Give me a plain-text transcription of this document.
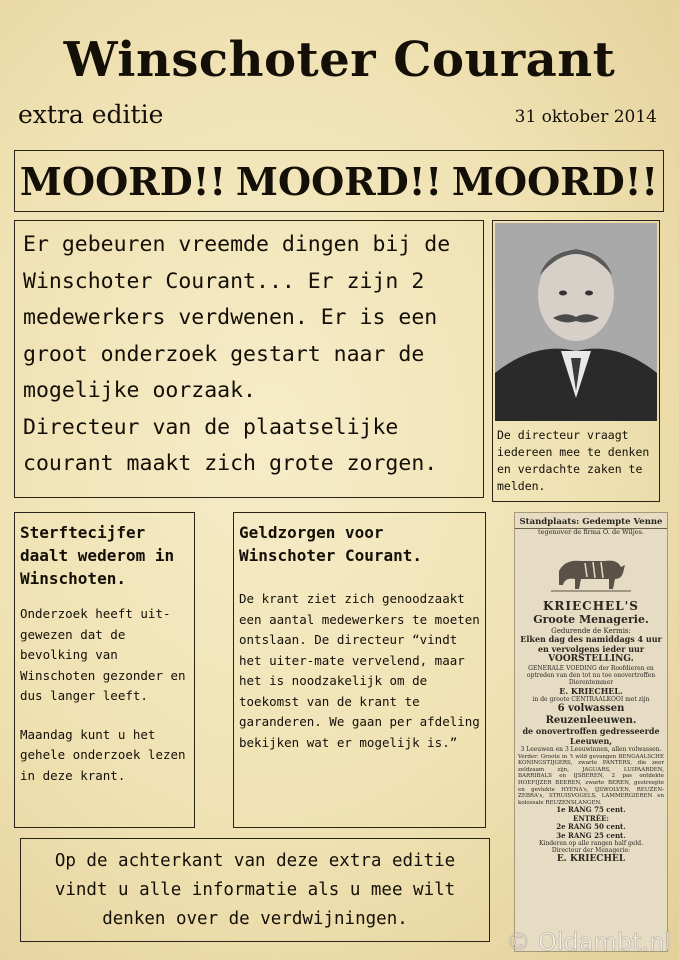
Winschoter Courant
extra editie	31 oktober 2014
MOORD!! MOORD!! MOORD!!

Er gebeuren vreemde dingen bij de Winschoter Courant... Er zijn 2 medewerkers verdwenen. Er is een groot onderzoek gestart naar de mogelijke oorzaak.

Directeur van de plaatselijke courant maakt zich grote zorgen.

De directeur vraagt iedereen mee te denken en verdachte zaken te melden.
Sterftecijfer daalt wederom in Winschoten.

Onderzoek heeft uit-gewezen dat de bevolking van Winschoten gezonder en dus langer leeft.

Maandag kunt u het gehele onderzoek lezen in deze krant.

Geldzorgen voor Winschoter Courant.

De krant ziet zich genoodzaakt een aantal medewerkers te moeten ontslaan. De directeur “vindt het uiter-mate vervelend, maar het is noodzakelijk om de toekomst van de krant te garanderen. We gaan per afdeling bekijken wat er mogelijk is.”

Op de achterkant van deze extra editie vindt u alle informatie als u mee wilt denken over de verdwijningen.
Standplaats: Gedempte Venne
tegenover de firma O. de Wiljes.
KRIECHEL'S
Groote Menagerie.
Gedurende de Kermis:
Elken dag des namiddags 4 uur en vervolgens ieder uur
VOORSTELLING.
GENERALE VOEDING der Roofdieren en optreden van den tot nu toe onovertroffen Dierentemmer
E. KRIECHEL.
in de groote CENTRAALKOOI met zijn
6 volwassen Reuzenleeuwen.
de onovertroffen gedresseerde Leeuwen,
3 Leeuwen en 3 Leeuwinnen, allen volwassen.
Verder: Groote in 't wild gevangen BENGAALSCHE KONINGSTIJGERS, zwarte PANTERS, die zeer zeldzaam zijn, JAGUARS, LUIPAARDEN, BARRIBALS en IJSBEREN, 2 pas ontdekte HOEFIJZER BEEREN, zwarte BEREN, gestreepte en gevlekte HYENA's, IJSWOLVEN, REUZEN-ZEBRA's, STRUISVOGELS, LAMMERGIEREN en kolossale REUZENSLANGEN.
1e RANG 75 cent.
ENTRÉE:
2e RANG 50 cent.
3e RANG 25 cent.
Kinderen op alle rangen half geld.
Directeur der Menagerie:
E. KRIECHEL
© Oldambt.nl
